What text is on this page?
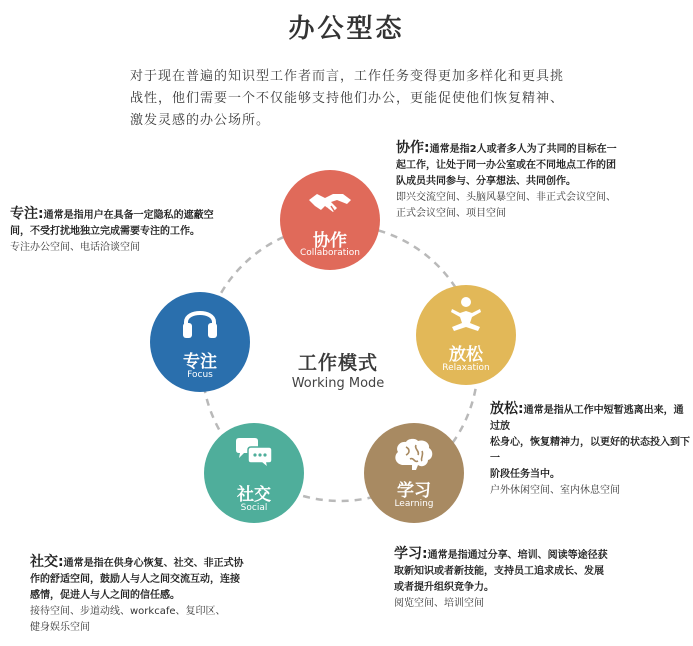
办公型态

对于现在普遍的知识型工作者而言，工作任务变得更加多样化和更具挑

战性，他们需要一个不仅能够支持他们办公，更能促使他们恢复精神、

激发灵感的办公场所。

协作
Collaboration
放松
Relaxation
学习
Learning
社交
Social
专注
Focus
工作模式
Working Mode
协作:通常是指2人或者多人为了共同的目标在一
起工作，让处于同一办公室或在不同地点工作的团
队成员共同参与、分享想法、共同创作。
即兴交流空间、头脑风暴空间、非正式会议空间、
正式会议空间、项目空间
专注:通常是指用户在具备一定隐私的遮蔽空
间，不受打扰地独立完成需要专注的工作。
专注办公空间、电话洽谈空间
放松:通常是指从工作中短暂逃离出来，通过放
松身心，恢复精神力，以更好的状态投入到下一
阶段任务当中。
户外休闲空间、室内休息空间
学习:通常是指通过分享、培训、阅读等途径获
取新知识或者新技能，支持员工追求成长、发展
或者提升组织竞争力。
阅览空间、培训空间
社交:通常是指在供身心恢复、社交、非正式协
作的舒适空间，鼓励人与人之间交流互动，连接
感情，促进人与人之间的信任感。
接待空间、步道动线、workcafe、复印区、
健身娱乐空间
